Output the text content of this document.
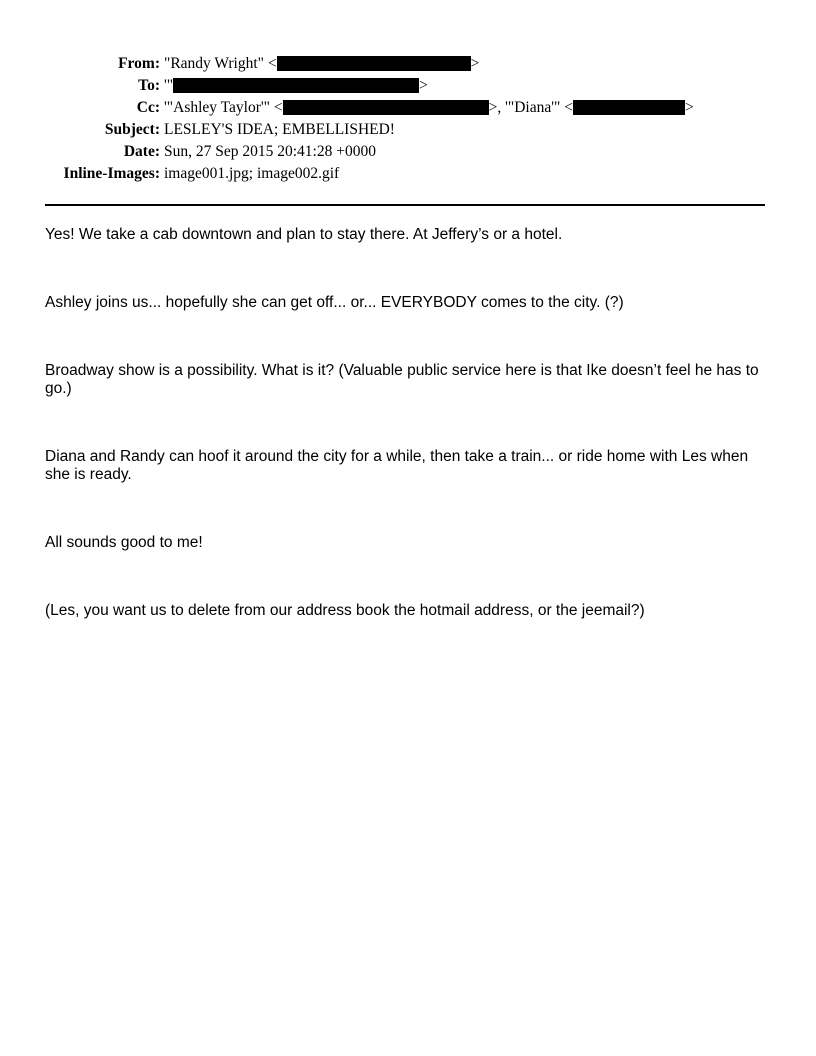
From: "Randy Wright" <	>
To: '"	>
Cc: '"Ashley Taylor'" <	>, '"Diana'" <	>
Subject: LESLEY'S IDEA; EMBELLISHED!
Date: Sun, 27 Sep 2015 20:41:28 +0000
Inline-Images: image001.jpg; image002.gif

Yes! We take a cab downtown and plan to stay there. At Jeffery’s or a hotel.

Ashley joins us... hopefully she can get off... or... EVERYBODY comes to the city. (?)

Broadway show is a possibility. What is it? (Valuable public service here is that Ike doesn’t feel he has to go.)

Diana and Randy can hoof it around the city for a while, then take a train... or ride home with Les when she is ready.

All sounds good to me!

(Les, you want us to delete from our address book the hotmail address, or the jeemail?)
